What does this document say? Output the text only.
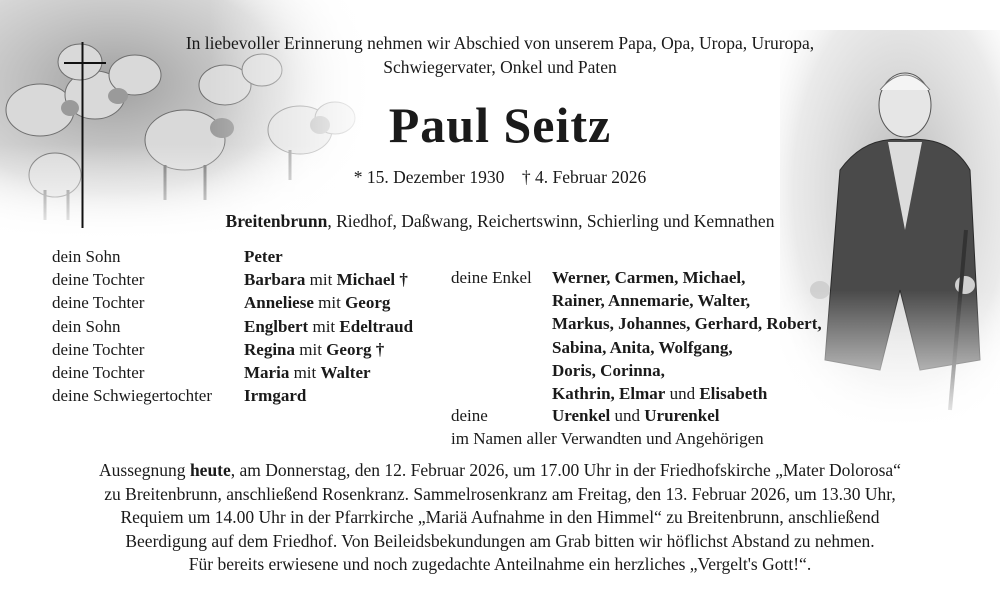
In liebevoller Erinnerung nehmen wir Abschied von unserem Papa, Opa, Uropa, Ururopa,
Schwiegervater, Onkel und Paten
Paul Seitz
* 15. Dezember 1930    † 4. Februar 2026
Breitenbrunn, Riedhof, Daßwang, Reichertswinn, Schierling und Kemnathen
dein Sohn
deine Tochter
deine Tochter
dein Sohn
deine Tochter
deine Tochter
deine Schwiegertochter
Peter
Barbara mit Michael †
Anneliese mit Georg
Englbert mit Edeltraud
Regina mit Georg †
Maria mit Walter
Irmgard
deine Enkel Werner, Carmen, Michael,
Rainer, Annemarie, Walter,
Markus, Johannes, Gerhard, Robert,
Sabina, Anita, Wolfgang,
Doris, Corinna,
Kathrin, Elmar und Elisabeth
deine	Urenkel und Ururenkel
im Namen aller Verwandten und Angehörigen
Aussegnung heute, am Donnerstag, den 12. Februar 2026, um 17.00 Uhr in der Friedhofskirche „Mater Dolorosa“
zu Breitenbrunn, anschließend Rosenkranz. Sammelrosenkranz am Freitag, den 13. Februar 2026, um 13.30 Uhr,
Requiem um 14.00 Uhr in der Pfarrkirche „Mariä Aufnahme in den Himmel“ zu Breitenbrunn, anschließend
Beerdigung auf dem Friedhof. Von Beileidsbekundungen am Grab bitten wir höflichst Abstand zu nehmen.
Für bereits erwiesene und noch zugedachte Anteilnahme ein herzliches „Vergelt's Gott!“.
